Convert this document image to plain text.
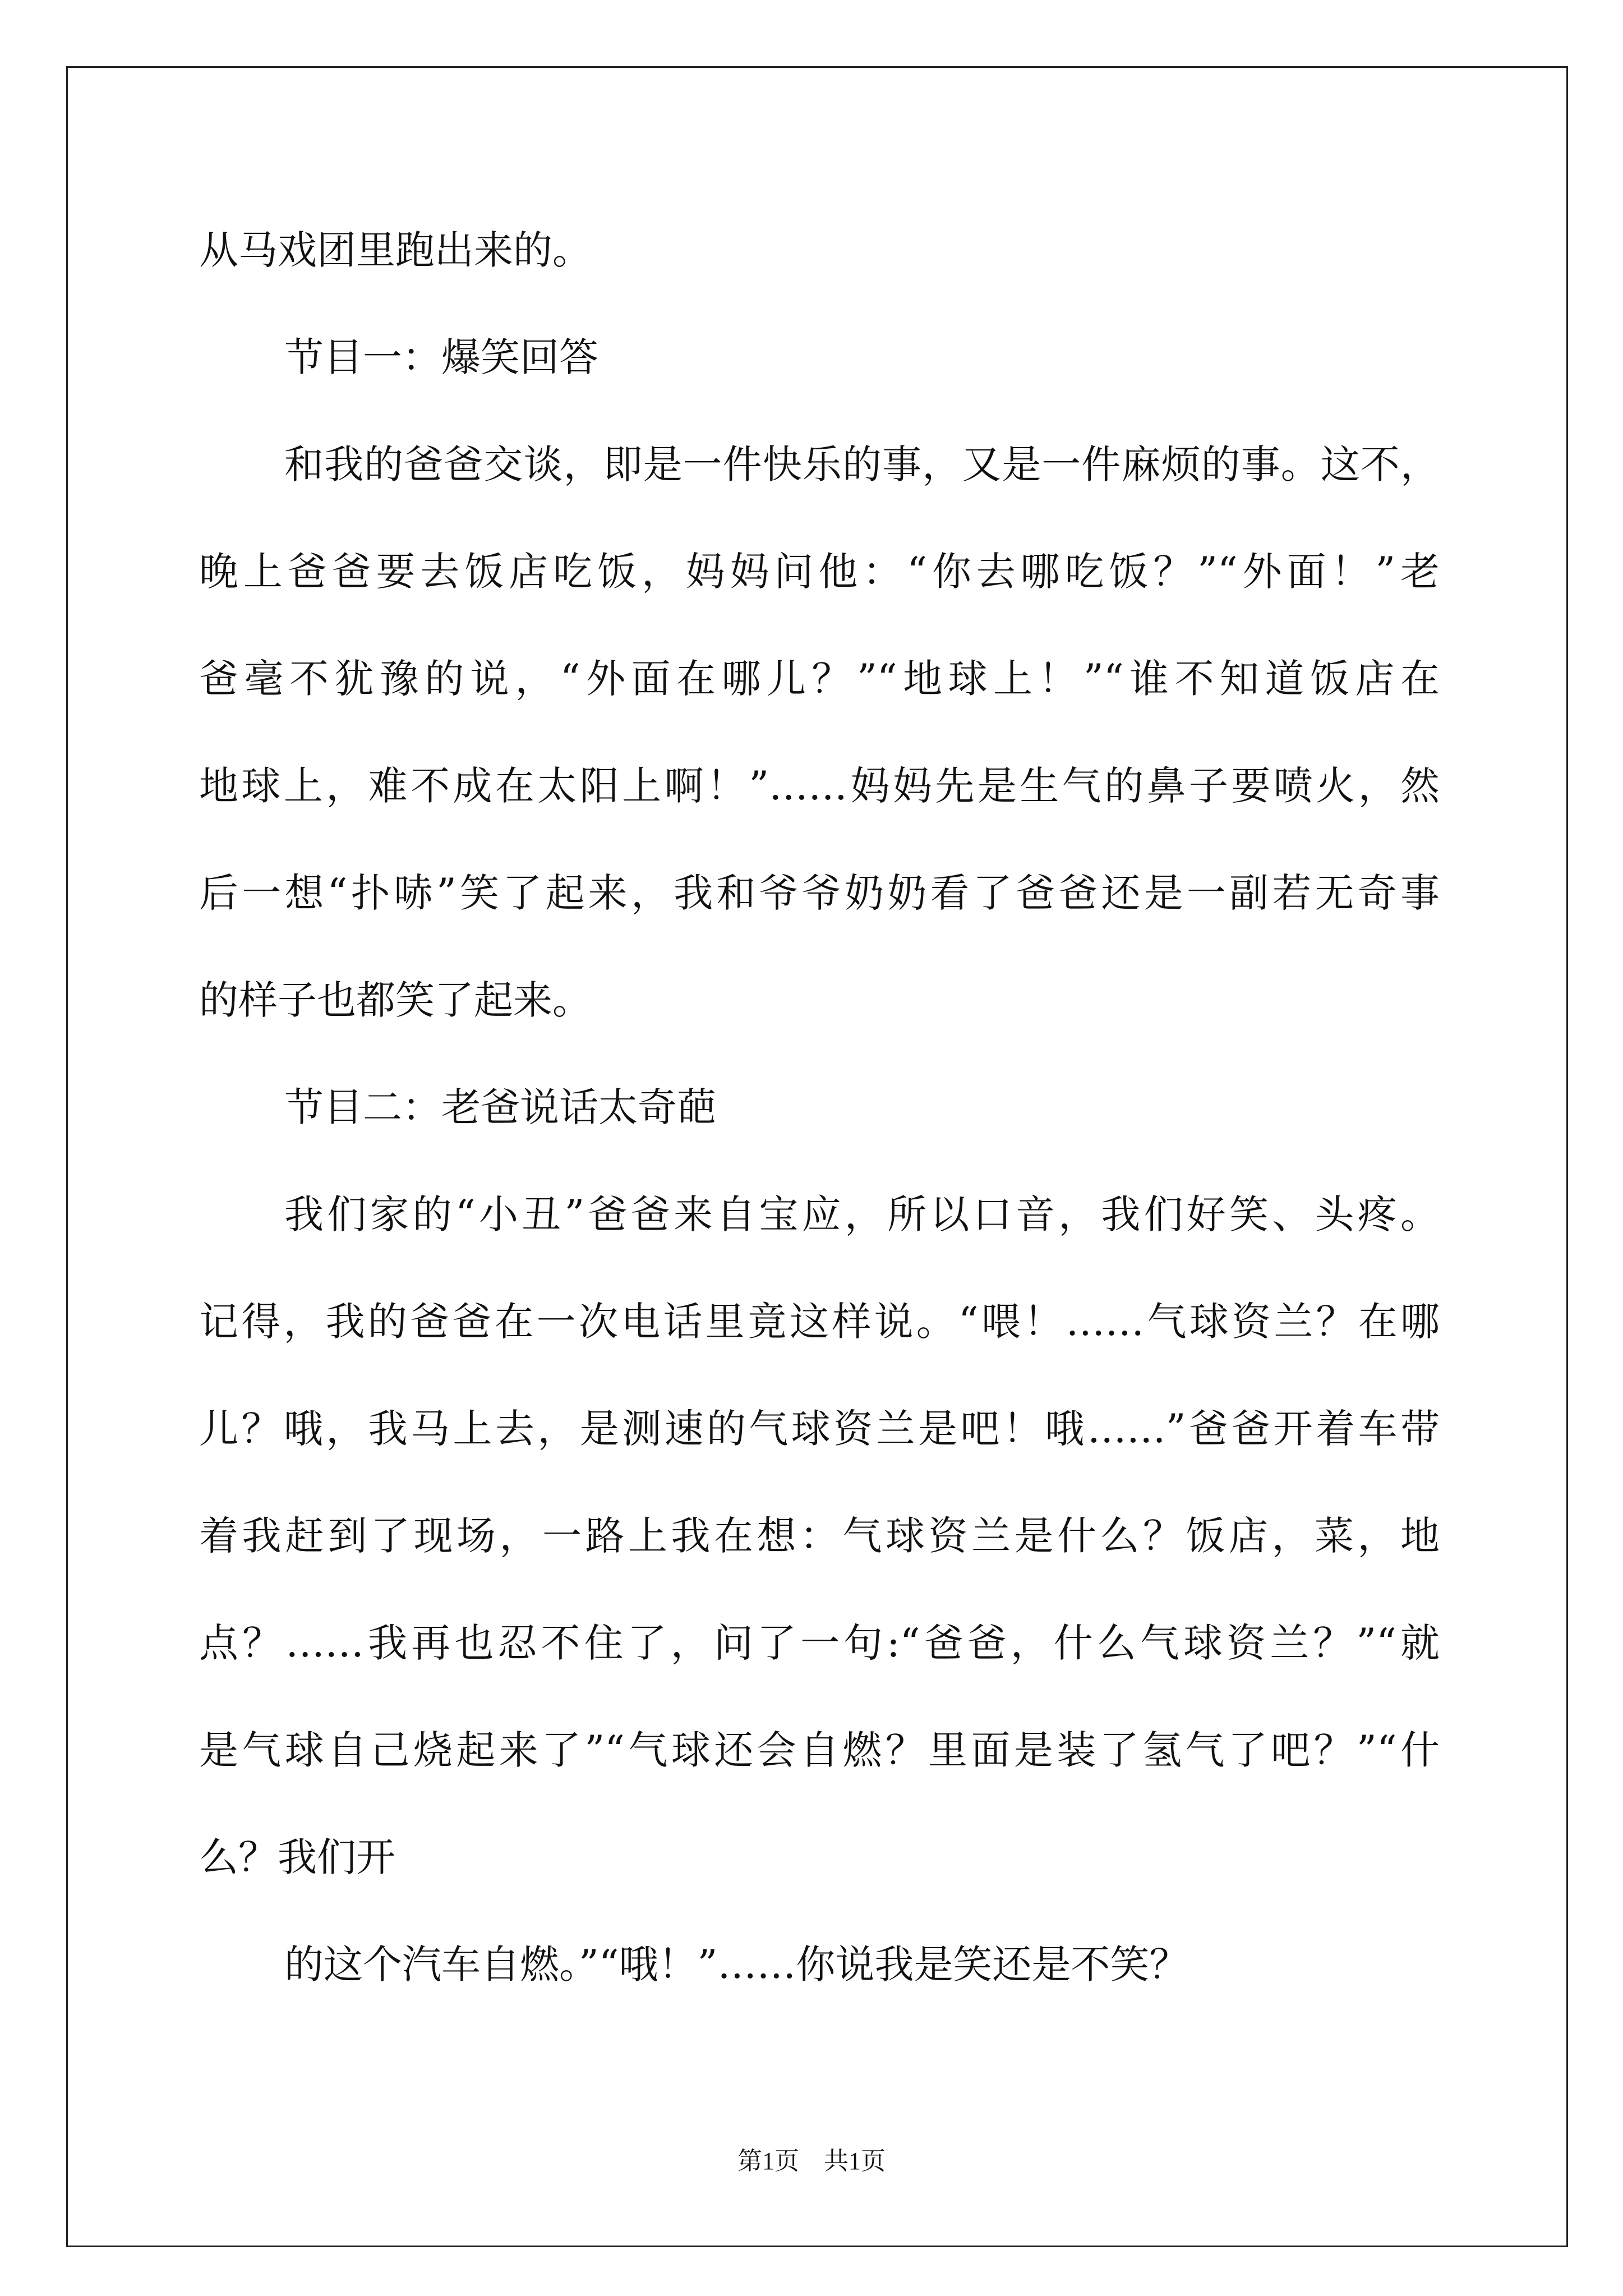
从马戏团里跑出来的。

节目一：爆笑回答

和我的爸爸交谈，即是一件快乐的事，又是一件麻烦的事。这不，

晚上爸爸要去饭店吃饭，妈妈问他：“你去哪吃饭？”“外面！”老

爸毫不犹豫的说，“外面在哪儿？”“地球上！”“谁不知道饭店在

地球上，难不成在太阳上啊！”……妈妈先是生气的鼻子要喷火，然

后一想“扑哧”笑了起来，我和爷爷奶奶看了爸爸还是一副若无奇事

的样子也都笑了起来。

节目二：老爸说话太奇葩

我们家的“小丑”爸爸来自宝应，所以口音，我们好笑、头疼。

记得，我的爸爸在一次电话里竟这样说。“喂！……气球资兰？在哪

儿？哦，我马上去，是测速的气球资兰是吧！哦……”爸爸开着车带

着我赶到了现场，一路上我在想：气球资兰是什么？饭店，菜，地

点？……我再也忍不住了，问了一句:“爸爸，什么气球资兰？”“就

是气球自己烧起来了”“气球还会自燃？里面是装了氢气了吧？”“什

么？我们开

的这个汽车自燃。”“哦！”……你说我是笑还是不笑？

第1页　共1页
